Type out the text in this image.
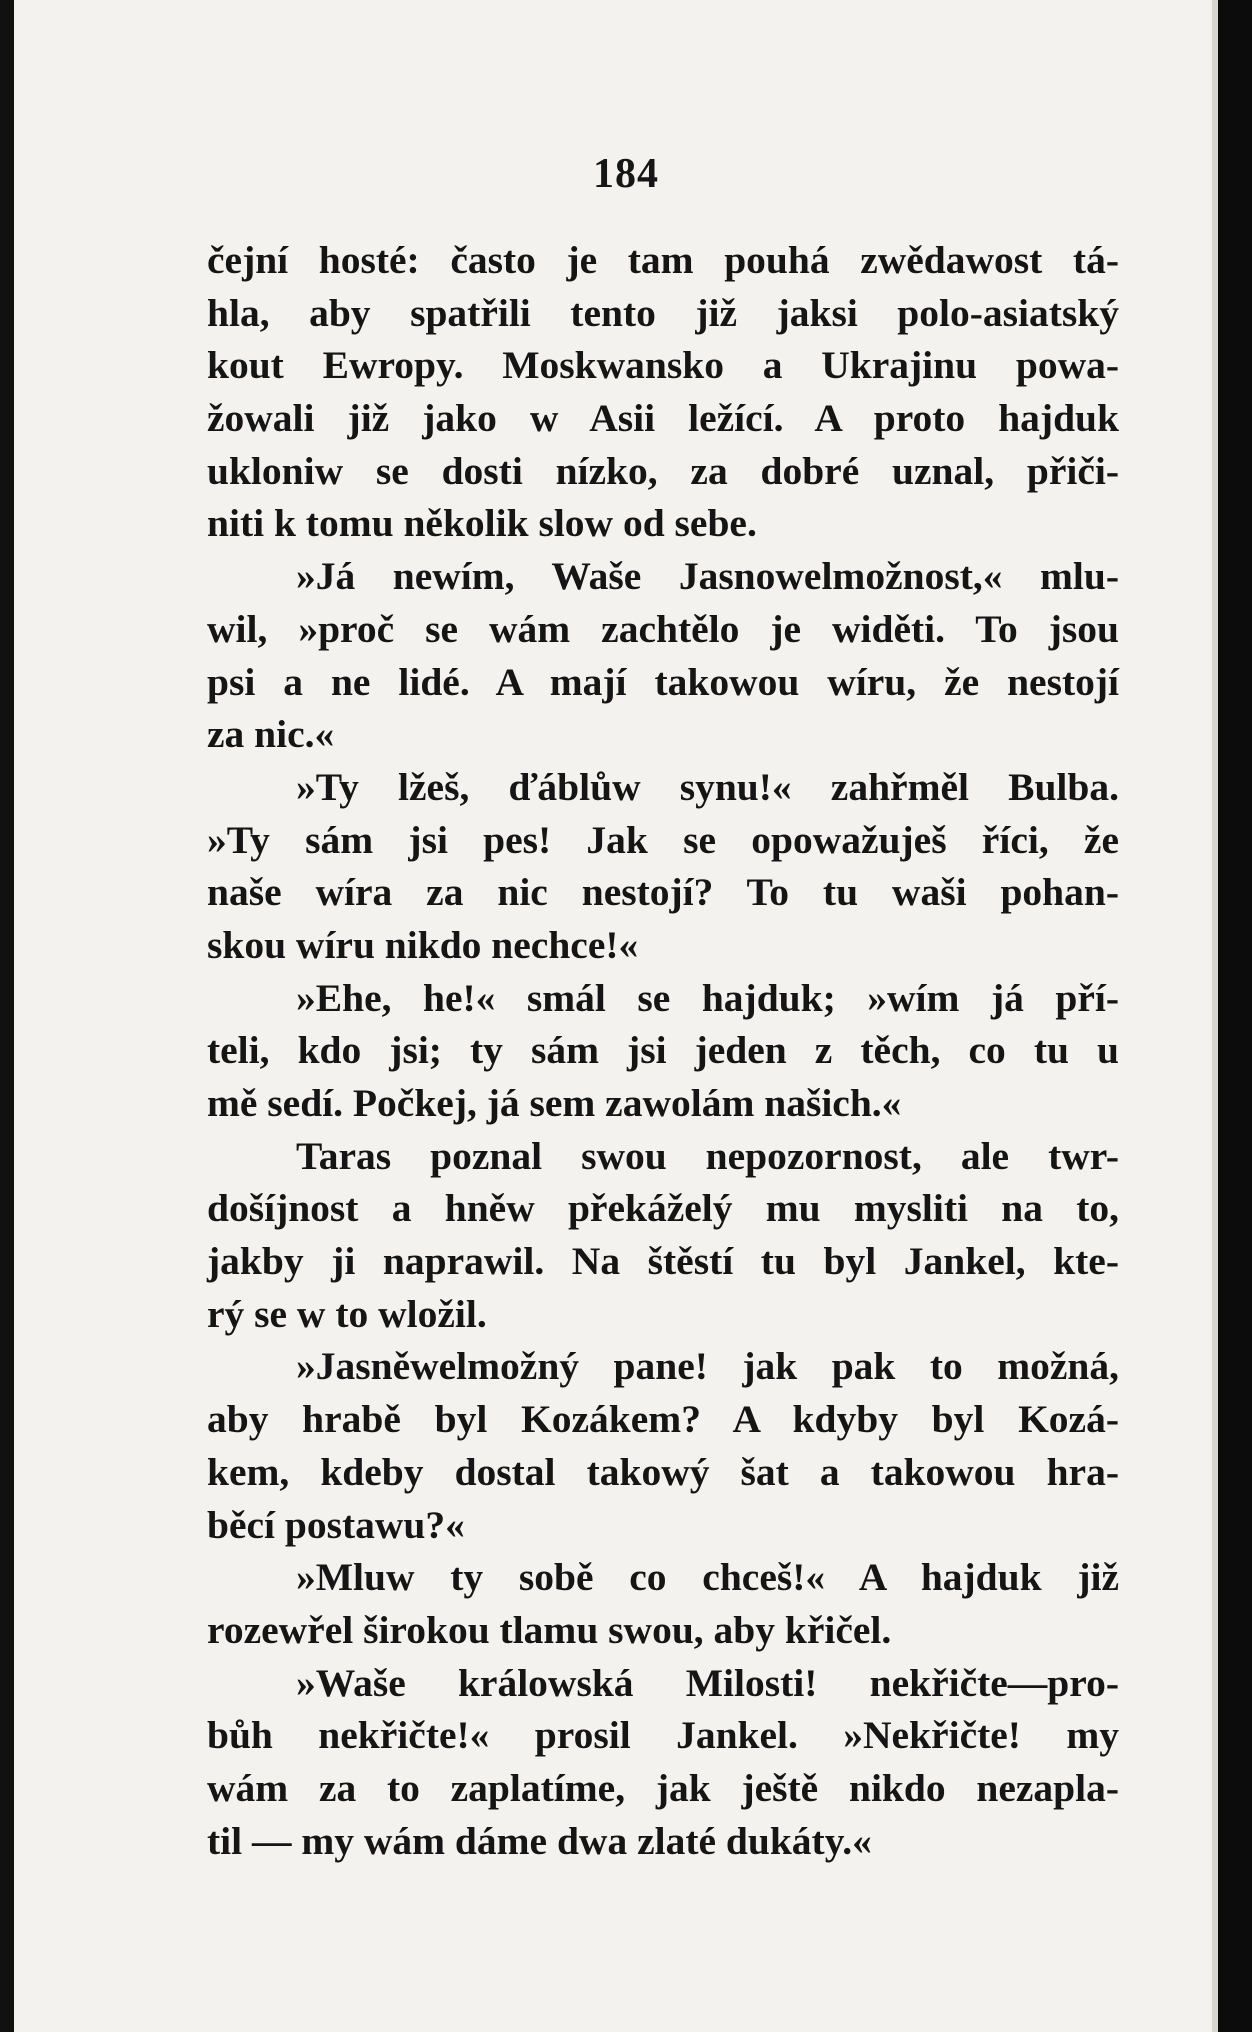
184
čejní hosté: často je tam pouhá zwědawost tá-
hla, aby spatřili tento již jaksi polo-asiatský
kout Ewropy. Moskwansko a Ukrajinu powa-
žowali již jako w Asii ležící. A proto hajduk
ukloniw se dosti nízko, za dobré uznal, přiči-
niti k tomu několik slow od sebe.
»Já newím, Waše Jasnowelmožnost,« mlu-
wil, »proč se wám zachtělo je widěti. To jsou
psi a ne lidé. A mají takowou wíru, že nestojí
za nic.«
»Ty lžeš, ďáblůw synu!« zahřměl Bulba.
»Ty sám jsi pes! Jak se opowažuješ říci, že
naše wíra za nic nestojí? To tu waši pohan-
skou wíru nikdo nechce!«
»Ehe, he!« smál se hajduk; »wím já pří-
teli, kdo jsi; ty sám jsi jeden z těch, co tu u
mě sedí. Počkej, já sem zawolám našich.«
Taras poznal swou nepozornost, ale twr-
došíjnost a hněw překáželý mu mysliti na to,
jakby ji naprawil. Na štěstí tu byl Jankel, kte-
rý se w to wložil.
»Jasněwelmožný pane! jak pak to možná,
aby hrabě byl Kozákem? A kdyby byl Kozá-
kem, kdeby dostal takowý šat a takowou hra-
běcí postawu?«
»Mluw ty sobě co chceš!« A hajduk již
rozewřel širokou tlamu swou, aby křičel.
»Waše králowská Milosti! nekřičte—pro-
bůh nekřičte!« prosil Jankel. »Nekřičte! my
wám za to zaplatíme, jak ještě nikdo nezapla-
til — my wám dáme dwa zlaté dukáty.«
